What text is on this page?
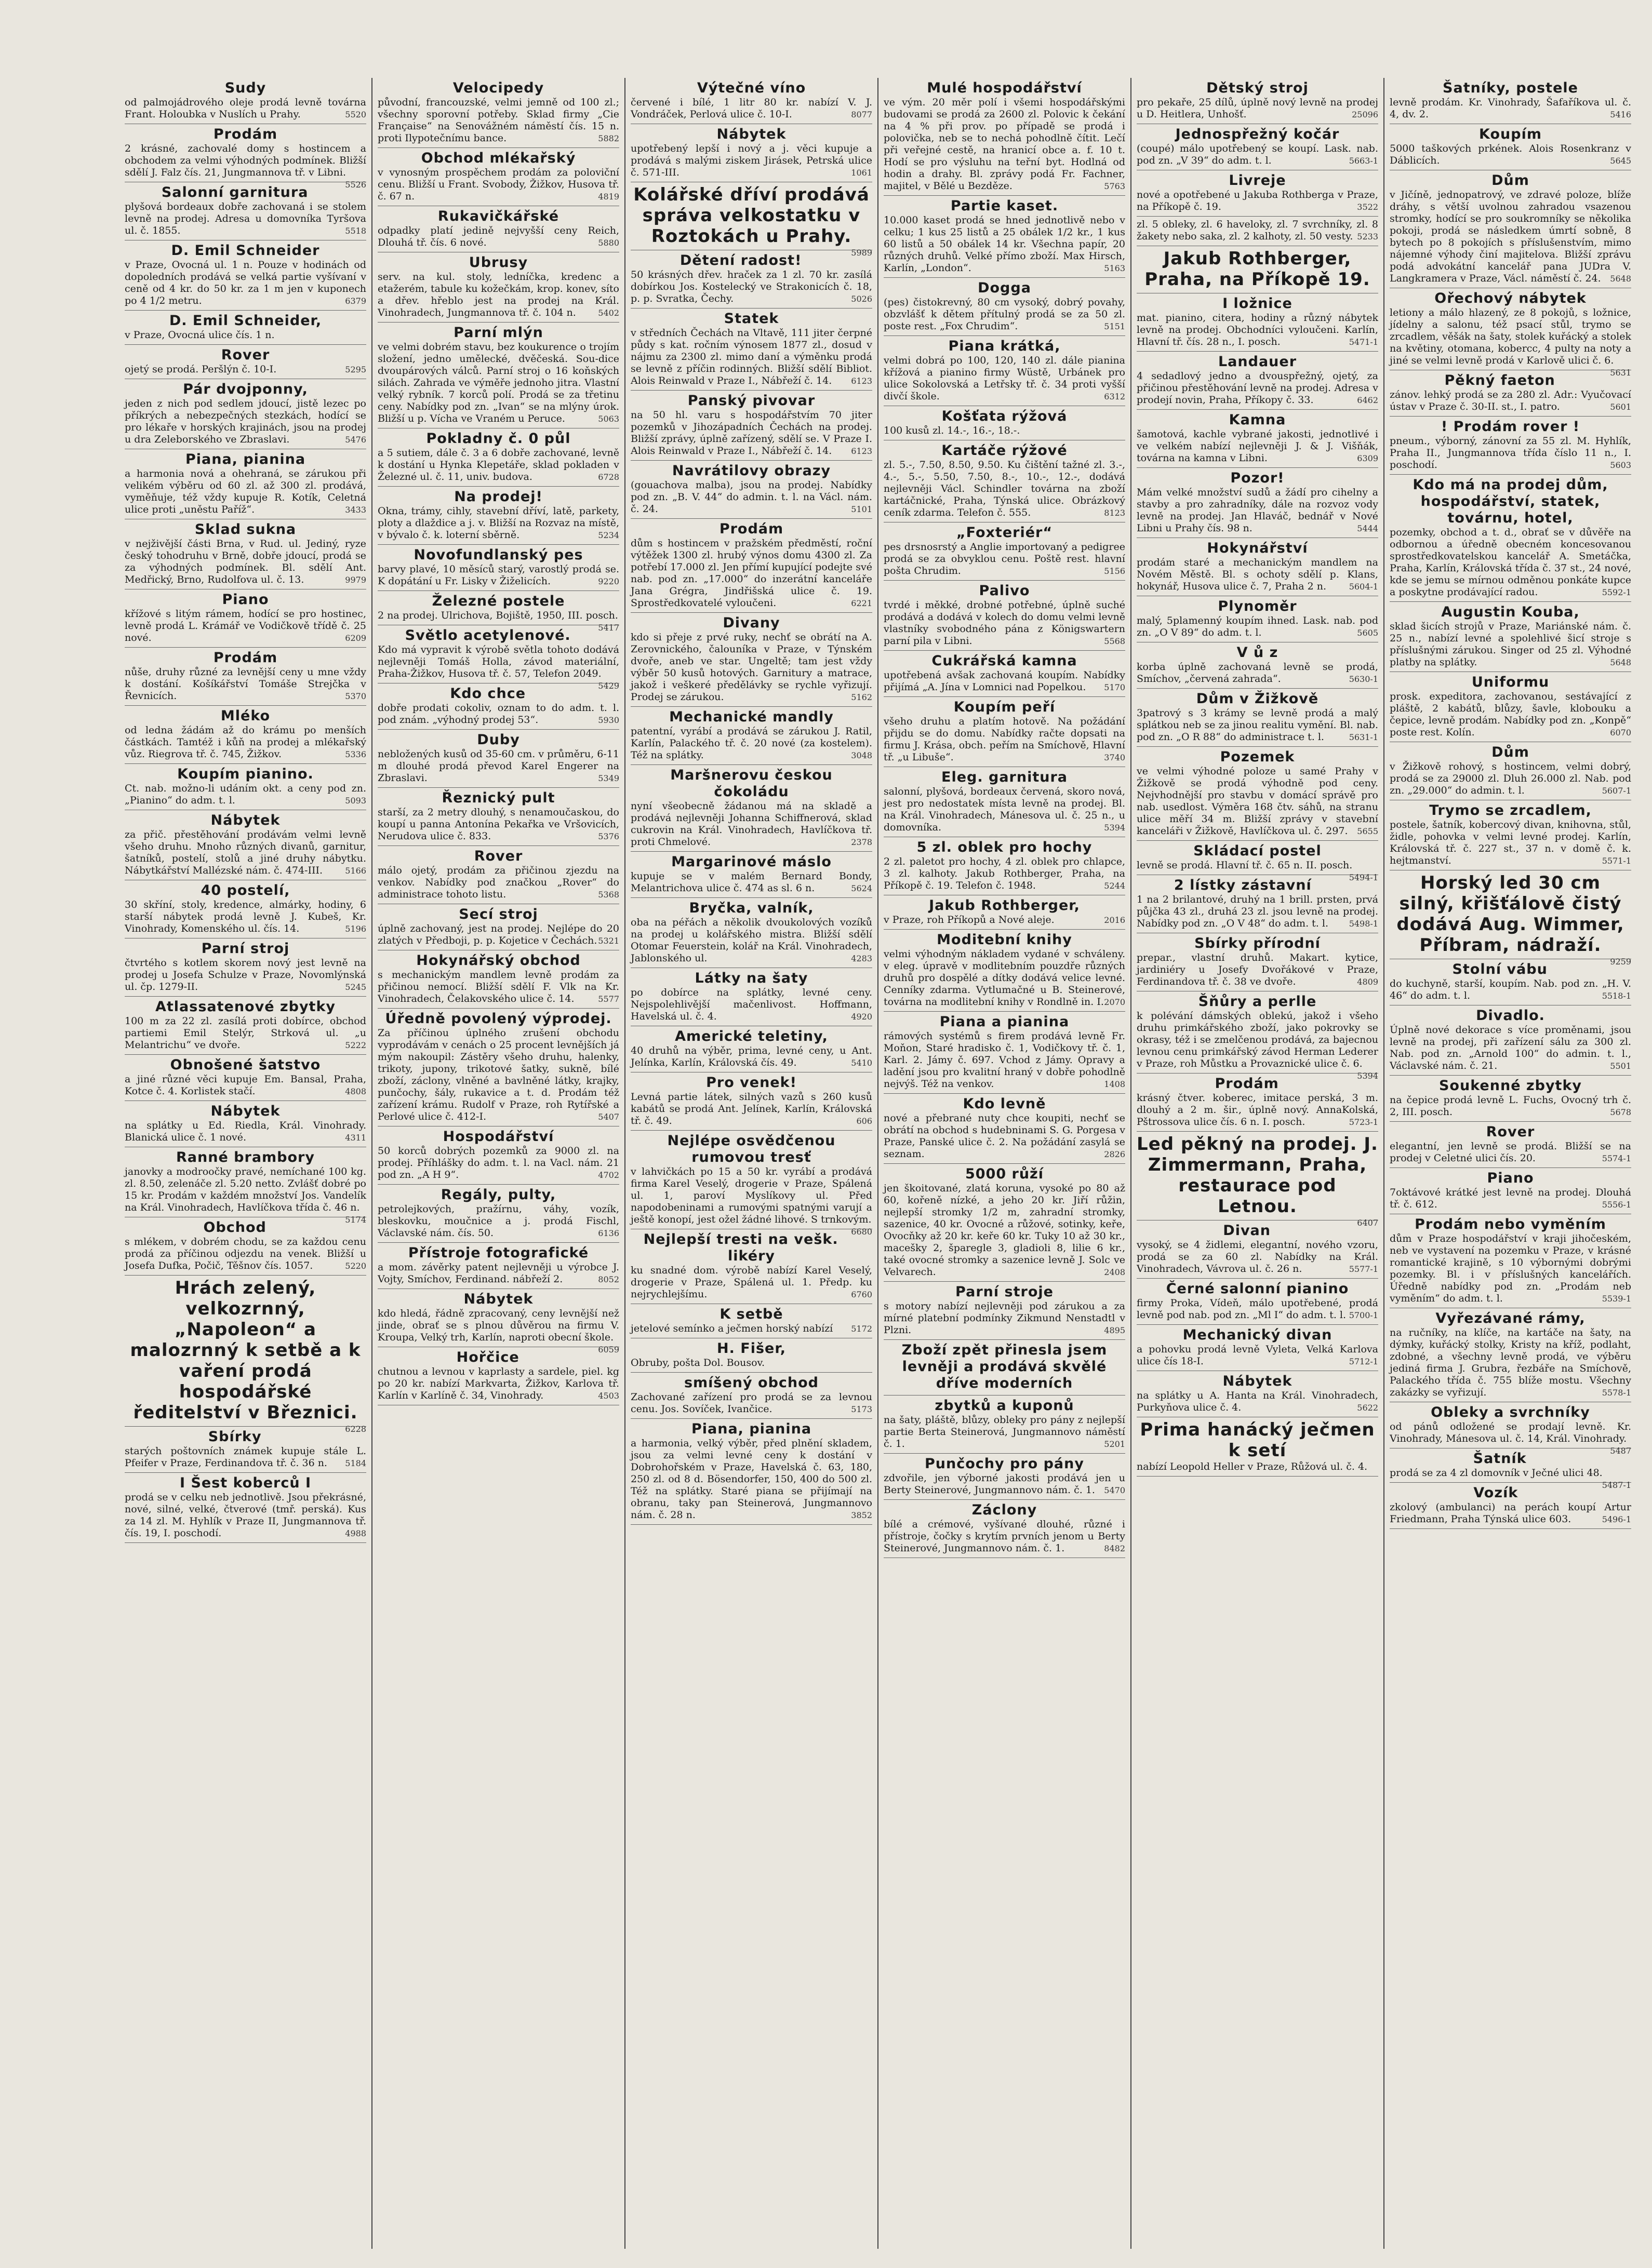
Sudy

od palmojádrového oleje prodá levně továrna Frant. Holoubka v Nuslích u Prahy.	5520

Prodám

2 krásné, zachovalé domy s hostincem a obchodem za velmi výhodných podmínek. Bližší sdělí J. Falz čís. 21, Jungmannova tř. v Libni.
5526

Salonní garnitura

plyšová bordeaux dobře zachovaná i se stolem levně na prodej. Adresa u domovníka Tyršova ul. č. 1855.	5518

D. Emil Schneider

v Praze, Ovocná ul. 1 n. Pouze v hodinách od dopoledních prodává se velká partie vyšívaní v ceně od 4 kr. do 50 kr. za 1 m jen v kuponech po 4 1/2 metru.	6379

D. Emil Schneider,

v Praze, Ovocná ulice čís. 1 n.

Rover

ojetý se prodá. Peršlýn č. 10-I.	5295

Pár dvojponny,

jeden z nich pod sedlem jdoucí, jistě lezec po příkrých a nebezpečných stezkách, hodící se pro lékaře v horských krajinách, jsou na prodej u dra Zeleborského ve Zbraslavi.	5476

Piana, pianina

a harmonia nová a ohehraná, se zárukou při velikém výběru od 60 zl. až 300 zl. prodává, vyměňuje, též vždy kupuje R. Kotík, Celetná ulice proti „uněstu Paříž“.	3433

Sklad sukna

v nejživější části Brna, v Rud. ul. Jediný, ryze český tohodruhu v Brně, dobře jdoucí, prodá se za výhodných podmínek. Bl. sdělí Ant. Medřický, Brno, Rudolfova ul. č. 13.	9979

Piano

křížové s litým rámem, hodící se pro hostinec, levně prodá L. Krámář ve Vodičkově třídě č. 25 nové.	6209

Prodám

nůše, druhy různé za levnější ceny u mne vždy k dostání. Košíkářství Tomáše Strejčka v Řevnicích.	5370

Mléko

od ledna žádám až do krámu po menších částkách. Tamtéž i kůň na prodej a mlékařský vůz. Riegrova tř. č. 745, Žižkov.	5336

Koupím pianino.

Ct. nab. možno-li udáním okt. a ceny pod zn. „Pianino“ do adm. t. l.	5093

Nábytek

za přič. přestěhování prodávám velmi levně všeho druhu. Mnoho různých divanů, garnitur, šatníků, postelí, stolů a jiné druhy nábytku. Nábytkářství Mallézské nám. č. 474-III.	5166

40 postelí,

30 skříní, stoly, kredence, almárky, hodiny, 6 starší nábytek prodá levně J. Kubeš, Kr. Vinohrady, Komenského ul. čís. 14.	5196

Parní stroj

čtvrtého s kotlem skorem nový jest levně na prodej u Josefa Schulze v Praze, Novomlýnská ul. čp. 1279-II.	5245

Atlassatenové zbytky

100 m za 22 zl. zasílá proti dobírce, obchod partiemi Emil Stelýr, Strková ul. „u Melantrichu“ ve dvoře.	5222

Obnošené šatstvo

a jiné různé věci kupuje Em. Bansal, Praha, Kotce č. 4. Korlistek stačí.	4808

Nábytek

na splátky u Ed. Riedla, Král. Vinohrady. Blanická ulice č. 1 nové.	4311

Ranné brambory

janovky a modroočky pravé, nemíchané 100 kg. zl. 8.50, zelenáče zl. 5.20 netto. Zvlášť dobré po 15 kr. Prodám v každém množství Jos. Vandelík na Král. Vinohradech, Havlíčkova třída č. 46 n.
5174

Obchod

s mlékem, v dobrém chodu, se za každou cenu prodá za příčinou odjezdu na venek. Bližší u Josefa Dufka, Počič, Těšnov čís. 1057.	5220

Hrách zelený, velkozrnný, „Napoleon“ a malozrnný k setbě a k vaření prodá hospodářské ředitelství v Březnici.

6228

Sbírky

starých poštovních známek kupuje stále L. Pfeifer v Praze, Ferdinandova tř. č. 36 n. 5184

I Šest koberců I

prodá se v celku neb jednotlivě. Jsou překrásné, nové, silné, velké, čtverové (tmř. perská). Kus za 14 zl. M. Hyhlík v Praze II, Jungmannova tř. čís. 19, I. poschodí.	4988

Velocipedy

původní, francouzské, velmi jemně od 100 zl.; všechny sporovní potřeby. Sklad firmy „Cie Française“ na Senovážném náměstí čís. 15 n. proti Ilypotečnímu bance.	5882

Obchod mlékařský

v vynosným prospěchem prodám za poloviční cenu. Bližší u Frant. Svobody, Žižkov, Husova tř. č. 67 n.	4819

Rukavičkářské

odpadky platí jedině nejvyšší ceny Reich, Dlouhá tř. čís. 6 nové.	5880

Ubrusy

serv. na kul. stoly, ledníčka, kredenc a etažerém, tabule ku kožečkám, krop. konev, síto a dřev. hřeblo jest na prodej na Král. Vinohradech, Jungmannova tř. č. 104 n.	5402

Parní mlýn

ve velmi dobrém stavu, bez koukurence o trojím složení, jedno umělecké, dvěčeská. Sou-dice dvoupárových válců. Parní stroj o 16 koňských silách. Zahrada ve výměře jednoho jitra. Vlastní velký rybník. 7 korců polí. Prodá se za třetinu ceny. Nabídky pod zn. „Ivan“ se na mlýny úrok. Bližší u p. Vícha ve Vraném u Peruce.	5063

Pokladny č. 0 půl

a 5 sutiem, dále č. 3 a 6 dobře zachované, levně k dostání u Hynka Klepetáře, sklad pokladen v Železné ul. č. 11, univ. budova.	6728

Na prodej!

Okna, trámy, cihly, stavební dříví, latě, parkety, ploty a dlaždice a j. v. Bližší na Rozvaz na místě, v bývalo č. k. loterní sběrně.	5234

Novofundlanský pes

barvy plavé, 10 měsíců starý, varostlý prodá se. K dopátání u Fr. Lisky v Žiželicích.	9220

Železné postele

2 na prodej. Ulrichova, Bojiště, 1950, III. posch.
5417

Světlo acetylenové.

Kdo má vypravit k výrobě světla tohoto dodává nejlevněji Tomáš Holla, závod materiální, Praha-Žižkov, Husova tř. č. 57, Telefon 2049.
5429

Kdo chce

dobře prodati cokoliv, oznam to do adm. t. l. pod znám. „výhodný prodej 53“.	5930

Duby

nebložených kusů od 35-60 cm. v průměru, 6-11 m dlouhé prodá převod Karel Engerer na Zbraslavi.	5349

Řeznický pult

starší, za 2 metry dlouhý, s nenamoučaskou, do koupí u panna Antonína Pekařka ve Vršovicích, Nerudova ulice č. 833.	5376

Rover

málo ojetý, prodám za přičinou zjezdu na venkov. Nabídky pod značkou „Rover“ do administrace tohoto listu.	5368

Secí stroj

úplně zachovaný, jest na prodej. Nejlépe do 20 zlatých v Předboji, p. p. Kojetice v Čechách. 5321

Hokynářský obchod

s mechanickým mandlem levně prodám za přičinou nemocí. Bližší sdělí F. Vlk na Kr. Vinohradech, Čelakovského ulice č. 14.	5577

Úředně povolený výprodej.

Za příčinou úplného zrušení obchodu vyprodávám v cenách o 25 procent levnějších já mým nakoupil: Zástěry všeho druhu, halenky, trikoty, jupony, trikotové šatky, sukně, bílé zboží, záclony, vlněné a bavlněné látky, krajky, punčochy, šály, rukavice a t. d. Prodám též zařízení krámu. Rudolf v Praze, roh Rytířské a Perlové ulice č. 412-I.	5407

Hospodářství

50 korců dobrých pozemků za 9000 zl. na prodej. Příhlášky do adm. t. l. na Vacl. nám. 21 pod zn. „A H 9“.	4702

Regály, pulty,

petrolejkových, pražírnu, váhy, vozík, bleskovku, moučnice a j. prodá Fischl, Václavské nám. čís. 50.	6136

Přístroje fotografické

a mom. závěrky patent nejlevněji u výrobce J. Vojty, Smíchov, Ferdinand. nábřeží 2.	8052

Nábytek

kdo hledá, řádně zpracovaný, ceny levnější než jinde, obrať se s plnou důvěrou na firmu V. Kroupa, Velký trh, Karlín, naproti obecní škole.
6059

Hořčice

chutnou a levnou v kaprlasty a sardele, piel. kg po 20 kr. nabízí Markvarta, Žižkov, Karlova tř. Karlín v Karlíně č. 34, Vinohrady.	4503

Výtečné víno

červené i bílé, 1 litr 80 kr. nabízí V. J. Vondráček, Perlová ulice č. 10-I.	8077

Nábytek

upotřebený lepší i nový a j. věci kupuje a prodává s malými ziskem Jirásek, Petrská ulice č. 571-III.	1061

Kolářské dříví prodává správa velkostatku v Roztokách u Prahy.

5989

Dětení radost!

50 krásných dřev. hraček za 1 zl. 70 kr. zasílá dobírkou Jos. Kostelecký ve Strakonicích č. 18, p. p. Svratka, Čechy.	5026

Statek

v středních Čechách na Vltavě, 111 jiter čerpné půdy s kat. ročním výnosem 1877 zl., dosud v nájmu za 2300 zl. mimo daní a výměnku prodá se levně z příčin rodinných. Bližší sdělí Bibliot. Alois Reinwald v Praze I., Nábřeží č. 14. 6123

Panský pivovar

na 50 hl. varu s hospodářstvím 70 jiter pozemků v Jihozápadních Čechách na prodej. Bližší zprávy, úplně zařízený, sdělí se. V Praze I. Alois Reinwald v Praze I., Nábřeží č. 14. 6123

Navrátilovy obrazy

(gouachova malba), jsou na prodej. Nabídky pod zn. „B. V. 44“ do admin. t. l. na Václ. nám. č. 24.	5101

Prodám

dům s hostincem v pražském předměstí, roční výtěžek 1300 zl. hrubý výnos domu 4300 zl. Za potřebí 17.000 zl. Jen přímí kupující podejte své nab. pod zn. „17.000“ do inzerátní kanceláře Jana Grégra, Jindřišská ulice č. 19. Sprostředkovatelé vyloučeni.	6221

Divany

kdo si přeje z prvé ruky, nechť se obrátí na A. Zerovnického, čalouníka v Praze, v Týnském dvoře, aneb ve star. Ungeltě; tam jest vždy výběr 50 kusů hotových. Garnitury a matrace, jakož i veškeré předělávky se rychle vyřizují. Prodej se zárukou.	5162

Mechanické mandly

patentní, vyrábí a prodává se zárukou J. Ratil, Karlín, Palackého tř. č. 20 nové (za kostelem). Též na splátky.	3048

Maršnerovu českou čokoládu

nyní všeobecně žádanou má na skladě a prodává nejlevněji Johanna Schiffnerová, sklad cukrovin na Král. Vinohradech, Havlíčkova tř. proti Chmelové.	2378

Margarinové máslo

kupuje se v malém Bernard Bondy, Melantrichova ulice č. 474 as sl. 6 n.	5624

Bryčka, valník,

oba na péřách a několik dvoukolových vozíků na prodej u kolářského mistra. Bližší sdělí Otomar Feuerstein, kolář na Král. Vinohradech, Jablonského ul.	4283

Látky na šaty

po dobírce na splátky, levné ceny. Nejspolehlivější mačenlivost. Hoffmann, Havelská ul. č. 4.	4920

Americké teletiny,

40 druhů na výběr, prima, levné ceny, u Ant. Jelínka, Karlín, Královská čís. 49.	5410

Pro venek!

Levná partie látek, silných vazů s 260 kusů kabátů se prodá Ant. Jelínek, Karlín, Královská tř. č. 49.	606

Nejlépe osvědčenou rumovou tresť

v lahvičkách po 15 a 50 kr. vyrábí a prodává firma Karel Veselý, drogerie v Praze, Spálená ul. 1, paroví Myslíkovy ul. Před napodobeninami a rumovými spatnými varují a ještě konopí, jest ožel žádné lihové. S trnkovým.
6680

Nejlepší tresti na vešk. likéry

ku snadné dom. výrobě nabízí Karel Veselý, drogerie v Praze, Spálená ul. 1. Předp. ku nejrychlejšímu.	6760

K setbě

jetelové semínko a ječmen horský nabízí 5172

H. Fišer,

Obruby, pošta Dol. Bousov.

smíšený obchod

Zachované zařízení pro prodá se za levnou cenu. Jos. Sovíček, Ivančice.	5173

Piana, pianina

a harmonia, velký výběr, před plnění skladem, jsou za velmi levné ceny k dostání v Dobrohořském v Praze, Havelská č. 63, 180, 250 zl. od 8 d. Bösendorfer, 150, 400 do 500 zl. Též na splátky. Staré piana se přijímají na obranu, taky pan Steinerová, Jungmannovo nám. č. 28 n.	3852

Mulé hospodářství

ve vým. 20 měr polí i všemi hospodářskými budovami se prodá za 2600 zl. Polovic k čekání na 4 % při prov. po případě se prodá i polovička, neb se to nechá pohodlně čítit. Lečí při veřejné cestě, na hranicí obce a. f. 10 t. Hodí se pro výsluhu na teřní byt. Hodlná od hodin a drahy. Bl. zprávy podá Fr. Fachner, majitel, v Bělé u Bezděze.	5763

Partie kaset.

10.000 kaset prodá se hned jednotlivě nebo v celku; 1 kus 25 listů a 25 obálek 1/2 kr., 1 kus 60 listů a 50 obálek 14 kr. Všechna papír, 20 různých druhů. Velké přímo zboží. Max Hirsch, Karlín, „London“.	5163

Dogga

(pes) čistokrevný, 80 cm vysoký, dobrý povahy, obzvlášť k dětem přítulný prodá se za 50 zl. poste rest. „Fox Chrudim“.	5151

Piana krátká,

velmi dobrá po 100, 120, 140 zl. dále pianina křížová a pianino firmy Wüstě, Urbánek pro ulice Sokolovská a Letřsky tř. č. 34 proti vyšší divčí škole.	6312

Košťata rýžová

100 kusů zl. 14.-, 16.-, 18.-.

Kartáče rýžové

zl. 5.-, 7.50, 8.50, 9.50. Ku čištění tažné zl. 3.-, 4.-, 5.-, 5.50, 7.50, 8.-, 10.-, 12.-, dodává nejlevněji Václ. Schindler továrna na zboží kartáčnické, Praha, Týnská ulice. Obrázkový ceník zdarma. Telefon č. 555.	8123

„Foxteriér“

pes drsnosrstý a Anglie importovaný a pedigree prodá se za obvyklou cenu. Poště rest. hlavní pošta Chrudim.	5156

Palivo

tvrdé i měkké, drobné potřebné, úplně suché prodává a dodává v kolech do domu velmi levně vlastníky svobodného pána z Königswartern parní pila v Libni.	5568

Cukrářská kamna

upotřebená avšak zachovaná koupím. Nabídky přijímá „A. Jína v Lomnici nad Popelkou. 5170

Koupím peří

všeho druhu a platím hotově. Na požádání přijdu se do domu. Nabídky račte dopsati na firmu J. Krása, obch. peřím na Smíchově, Hlavní tř. „u Libuše“.	3740

Eleg. garnitura

salonní, plyšová, bordeaux červená, skoro nová, jest pro nedostatek místa levně na prodej. Bl. na Král. Vinohradech, Mánesova ul. č. 25 n., u domovníka.	5394

5 zl. oblek pro hochy

2 zl. paletot pro hochy, 4 zl. oblek pro chlapce, 3 zl. kalhoty. Jakub Rothberger, Praha, na Příkopě č. 19. Telefon č. 1948.	5244

Jakub Rothberger,

v Praze, roh Příkopů a Nové aleje.	2016

Moditební knihy

velmi výhodným nákladem vydané v schváleny. v eleg. úpravě v modlitebním pouzdře různých druhů pro dospělé a dítky dodává velice levné. Cenníky zdarma. Vytlumačné u B. Steinerové, továrna na modlitební knihy v Rondlně in. I. 2070

Piana a pianina

rámových systémů s firem prodává levně Fr. Moňon, Staré hradisko č. 1, Vodičkovy tř. č. 1, Karl. 2. Jámy č. 697. Vchod z Jámy. Opravy a ladění jsou pro kvalitní hraný v dobře pohodlně nejvýš. Též na venkov.	1408

Kdo levně

nové a přebrané nuty chce koupiti, nechť se obrátí na obchod s hudebninami S. G. Porgesa v Praze, Panské ulice č. 2. Na požádání zasylá se seznam.	2826

5000 růží

jen škoitované, zlatá koruna, vysoké po 80 až 60, kořeně nízké, a jeho 20 kr. Jiří růžin, nejlepší stromky 1/2 m, zahradní stromky, sazenice, 40 kr. Ovocné a růžové, sotinky, keře, Ovocňky až 20 kr. keře 60 kr. Tuky 10 až 30 kr., macešky 2, šparegle 3, gladioli 8, lilie 6 kr., také ovocné stromky a sazenice levně J. Solc ve Velvarech.	2408

Parní stroje

s motory nabízí nejlevněji pod zárukou a za mírné platební podmínky Zikmund Nenstadtl v Plzni.	4895

Zboží zpět přinesla jsem levněji a prodává skvělé dříve moderních
zbytků a kuponů

na šaty, pláště, blůzy, obleky pro pány z nejlepší partie Berta Steinerová, Jungmannovo náměstí č. 1.	5201

Punčochy pro pány

zdvořile, jen výborné jakosti prodává jen u Berty Steinerové, Jungmannovo nám. č. 1. 5470

Záclony

bílé a crémové, vyšívané dlouhé, různé i přístroje, čočky s krytím prvních jenom u Berty Steinerové, Jungmannovo nám. č. 1.	8482

Dětský stroj

pro pekaře, 25 dílů, úplně nový levně na prodej u D. Heitlera, Unhošť.	25096

Jednospřežný kočár

(coupé) málo upotřebený se koupí. Lask. nab. pod zn. „V 39“ do adm. t. l.	5663-1

Livreje

nové a opotřebené u Jakuba Rothberga v Praze, na Příkopě č. 19.	3522

zl. 5 obleky, zl. 6 haveloky, zl. 7 svrchníky, zl. 8 žakety nebo saka, zl. 2 kalhoty, zl. 50 vesty. 5233

Jakub Rothberger, Praha, na Příkopě 19.
I ložnice

mat. pianino, citera, hodiny a různý nábytek levně na prodej. Obchodníci vyloučeni. Karlín, Hlavní tř. čís. 28 n., I. posch.	5471-1

Landauer

4 sedadlový jedno a dvouspřežný, ojetý, za přičinou přestěhování levně na prodej. Adresa v prodejí novin, Praha, Příkopy č. 33.	6462

Kamna

šamotová, kachle vybrané jakosti, jednotlivé i ve velkém nabízí nejlevněji J. & J. Višňák, továrna na kamna v Libni.	6309

Pozor!

Mám velké množství sudů a žádí pro cihelny a stavby a pro zahradníky, dále na rozvoz vody levně na prodej. Jan Hlaváč, bednář v Nové Libni u Prahy čís. 98 n.	5444

Hokynářství

prodám staré a mechanickým mandlem na Novém Městě. Bl. s ochoty sdělí p. Klans, hokynář, Husova ulice č. 7, Praha 2 n.	5604-1

Plynoměr

malý, 5plamenný koupím ihned. Lask. nab. pod zn. „O V 89“ do adm. t. l.	5605

V ů z

korba úplně zachovaná levně se prodá, Smíchov, „červená zahrada“.	5630-1

Dům v Žižkově

3patrový s 3 krámy se levně prodá a malý splátkou neb se za jinou realitu vymění. Bl. nab. pod zn. „O R 88“ do administrace t. l.	5631-1

Pozemek

ve velmi výhodné poloze u samé Prahy v Žižkově se prodá výhodně pod ceny. Nejvhodnější pro stavbu v domácí správě pro nab. usedlost. Výměra 168 čtv. sáhů, na stranu ulice měří 34 m. Bližší zprávy v stavební kanceláři v Žižkově, Havlíčkova ul. č. 297. 5655

Skládací postel

levně se prodá. Hlavní tř. č. 65 n. II. posch.
5494-1

2 lístky zástavní

1 na 2 brilantové, druhý na 1 brill. prsten, prvá půjčka 43 zl., druhá 23 zl. jsou levně na prodej. Nabídky pod zn. „O V 48“ do adm. t. l. 5498-1

Sbírky přírodní

prepar., vlastní druhů. Makart. kytice, jardiniéry u Josefy Dvořákové v Praze, Ferdinandova tř. č. 38 ve dvoře.	4809

Šňůry a perlle

k polévání dámských oblekú, jakož i všeho druhu primkářského zboží, jako pokrovky se okrasy, též i se zmelčenou prodává, za bajecnou levnou cenu primkářský závod Herman Lederer v Praze, roh Můstku a Provaznické ulice č. 6.
5394

Prodám

krásný čtver. koberec, imitace perská, 3 m. dlouhý a 2 m. šir., úplně nový. AnnaKolská, Pštrossova ulice čís. 6 n. I. posch.	5723-1

Led pěkný na prodej. J. Zimmermann, Praha, restaurace pod Letnou.

6407

Divan

vysoký, se 4 židlemi, elegantní, nového vzoru, prodá se za 60 zl. Nabídky na Král. Vinohradech, Vávrova ul. č. 26 n.	5577-1

Černé salonní pianino

firmy Proka, Vídeň, málo upotřebené, prodá levně pod nab. pod zn. „Ml I“ do adm. t. l. 5700-1

Mechanický divan

a pohovku prodá levně Vyleta, Velká Karlova ulice čís 18-I.	5712-1

Nábytek

na splátky u A. Hanta na Král. Vinohradech, Purkyňova ulice č. 4.	5622

Prima hanácký ječmen k setí

nabízí Leopold Heller v Praze, Růžová ul. č. 4.

Šatníky, postele

levně prodám. Kr. Vinohrady, Šafaříkova ul. č. 4, dv. 2.	5416

Koupím

5000 taškových prkének. Alois Rosenkranz v Dáblicích.	5645

Dům

v Jičíně, jednopatrový, ve zdravé poloze, blíže dráhy, s větší uvolnou zahradou vsazenou stromky, hodící se pro soukromníky se několika pokoji, prodá se následkem úmrtí sobně, 8 bytech po 8 pokojích s příslušenstvím, mimo nájemné výhody činí majitelova. Bližší zprávu podá advokátní kancelář pana JUDra V. Langkramera v Praze, Václ. náměstí č. 24. 5648

Ořechový nábytek

letiony a málo hlazený, ze 8 pokojů, s ložnice, jídelny a salonu, též psací stůl, trymo se zrcadlem, věšák na šaty, stolek kuřácký a stolek na květiny, otomana, kobercc, 4 pulty na noty a jiné se velmi levně prodá v Karlově ulici č. 6.
5631

Pěkný faeton

zánov. lehký prodá se za 280 zl. Adr.: Vyučovací ústav v Praze č. 30-II. st., I. patro.	5601

! Prodám rover !

pneum., výborný, zánovní za 55 zl. M. Hyhlík, Praha II., Jungmannova třída číslo 11 n., I. poschodí.	5603

Kdo má na prodej dům, hospodářství, statek, továrnu, hotel,

pozemky, obchod a t. d., obrať se v důvěře na odbornou a úředně obecném koncesovanou sprostředkovatelskou kancelář A. Smetáčka, Praha, Karlín, Královská třída č. 37 st., 24 nové, kde se jemu se mírnou odměnou ponkáte kupce a poskytne prodávající radou.	5592-1

Augustin Kouba,

sklad šicích strojů v Praze, Mariánské nám. č. 25 n., nabízí levné a spolehlivé šicí stroje s příslušnými zárukou. Singer od 25 zl. Výhodné platby na splátky.	5648

Uniformu

prosk. expeditora, zachovanou, sestávající z pláště, 2 kabátů, blůzy, šavle, klobouku a čepice, levně prodám. Nabídky pod zn. „Konpě“ poste rest. Kolín.	6070

Dům

v Žižkově rohový, s hostincem, velmi dobrý, prodá se za 29000 zl. Dluh 26.000 zl. Nab. pod zn. „29.000“ do admin. t. l.	5607-1

Trymo se zrcadlem,

postele, šatník, kobercový divan, knihovna, stůl, židle, pohovka v velmi levné prodej. Karlín, Královská tř. č. 227 st., 37 n. v domě č. k. hejtmanství.	5571-1

Horský led 30 cm silný, křišťálově čistý dodává Aug. Wimmer, Příbram, nádraží.

9259

Stolní vábu

do kuchyně, starší, koupím. Nab. pod zn. „H. V. 46“ do adm. t. l.	5518-1

Divadlo.

Úplně nové dekorace s více proměnami, jsou levně na prodej, při zařízení sálu za 300 zl. Nab. pod zn. „Arnold 100“ do admin. t. l., Václavské nám. č. 21.	5501

Soukenné zbytky

na čepice prodá levně L. Fuchs, Ovocný trh č. 2, III. posch.	5678

Rover

elegantní, jen levně se prodá. Bližší se na prodej v Celetné ulici čís. 20.	5574-1

Piano

7oktávové krátké jest levně na prodej. Dlouhá tř. č. 612.	5556-1

Prodám nebo vyměním

dům v Praze hospodářství v kraji jihočeském, neb ve vystavení na pozemku v Praze, v krásné romantické krajině, s 10 výbornými dobrými pozemky. Bl. i v příslušných kancelářích. Úředně nabídky pod zn. „Prodám neb vyměním“ do adm. t. l.	5539-1

Vyřezávané rámy,

na ručníky, na klíče, na kartáče na šaty, na dýmky, kuřácký stolky, Kristy na kříž, podlaht, zdobné, a všechny levně prodá, ve výběru jediná firma J. Grubra, řezbáře na Smíchově, Palackého třída č. 755 blíže mostu. Všechny zakázky se vyřizují.	5578-1

Obleky a svrchníky

od pánů odložené se prodají levně. Kr. Vinohrady, Mánesova ul. č. 14, Král. Vinohrady.
5487

Šatník

prodá se za 4 zl domovník v Ječné ulici 48.
5487-1

Vozík

zkolový (ambulanci) na perách koupí Artur Friedmann, Praha Týnská ulice 603.	5496-1
